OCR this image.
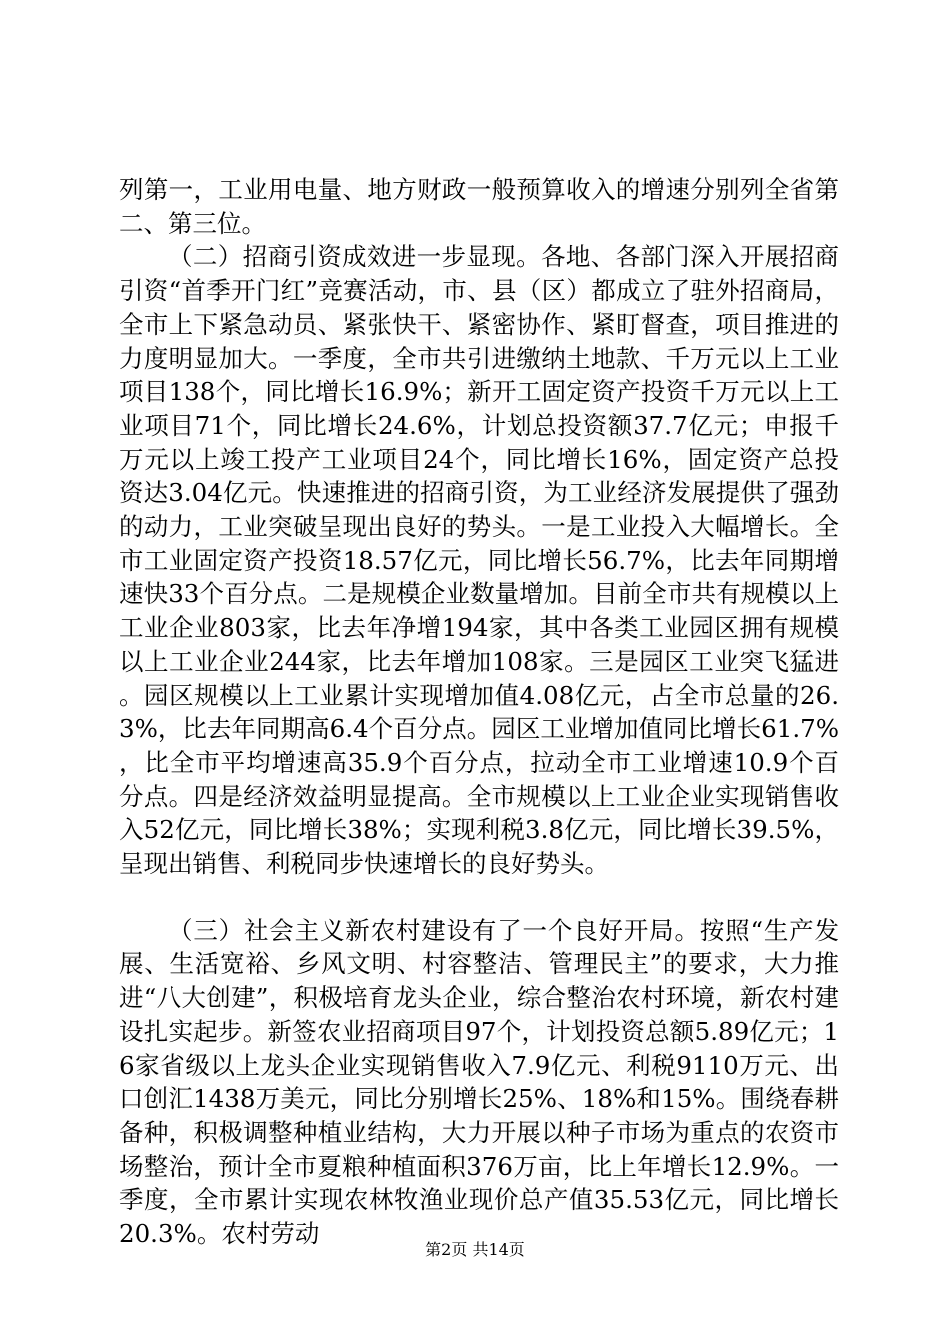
列第一，工业用电量、地方财政一般预算收入的增速分别列全省第二、第三位。

（二）招商引资成效进一步显现。各地、各部门深入开展招商引资“首季开门红”竞赛活动，市、县（区）都成立了驻外招商局，全市上下紧急动员、紧张快干、紧密协作、紧盯督查，项目推进的力度明显加大。一季度，全市共引进缴纳土地款、千万元以上工业项目138个，同比增长16.9%；新开工固定资产投资千万元以上工业项目71个，同比增长24.6%，计划总投资额37.7亿元；申报千万元以上竣工投产工业项目24个，同比增长16%，固定资产总投资达3.04亿元。快速推进的招商引资，为工业经济发展提供了强劲的动力，工业突破呈现出良好的势头。一是工业投入大幅增长。全市工业固定资产投资18.57亿元，同比增长56.7%，比去年同期增速快33个百分点。二是规模企业数量增加。目前全市共有规模以上工业企业803家，比去年净增194家，其中各类工业园区拥有规模以上工业企业244家，比去年增加108家。三是园区工业突飞猛进。园区规模以上工业累计实现增加值4.08亿元，占全市总量的26.3%，比去年同期高6.4个百分点。园区工业增加值同比增长61.7%，比全市平均增速高35.9个百分点，拉动全市工业增速10.9个百分点。四是经济效益明显提高。全市规模以上工业企业实现销售收入52亿元，同比增长38%；实现利税3.8亿元，同比增长39.5%，呈现出销售、利税同步快速增长的良好势头。

（三）社会主义新农村建设有了一个良好开局。按照“生产发展、生活宽裕、乡风文明、村容整洁、管理民主”的要求，大力推进“八大创建”，积极培育龙头企业，综合整治农村环境，新农村建设扎实起步。新签农业招商项目97个，计划投资总额5.89亿元；16家省级以上龙头企业实现销售收入7.9亿元、利税9110万元、出口创汇1438万美元，同比分别增长25%、18%和15%。围绕春耕备种，积极调整种植业结构，大力开展以种子市场为重点的农资市场整治，预计全市夏粮种植面积376万亩，比上年增长12.9%。一季度，全市累计实现农林牧渔业现价总产值35.53亿元，同比增长20.3%。农村劳动

第2页 共14页
